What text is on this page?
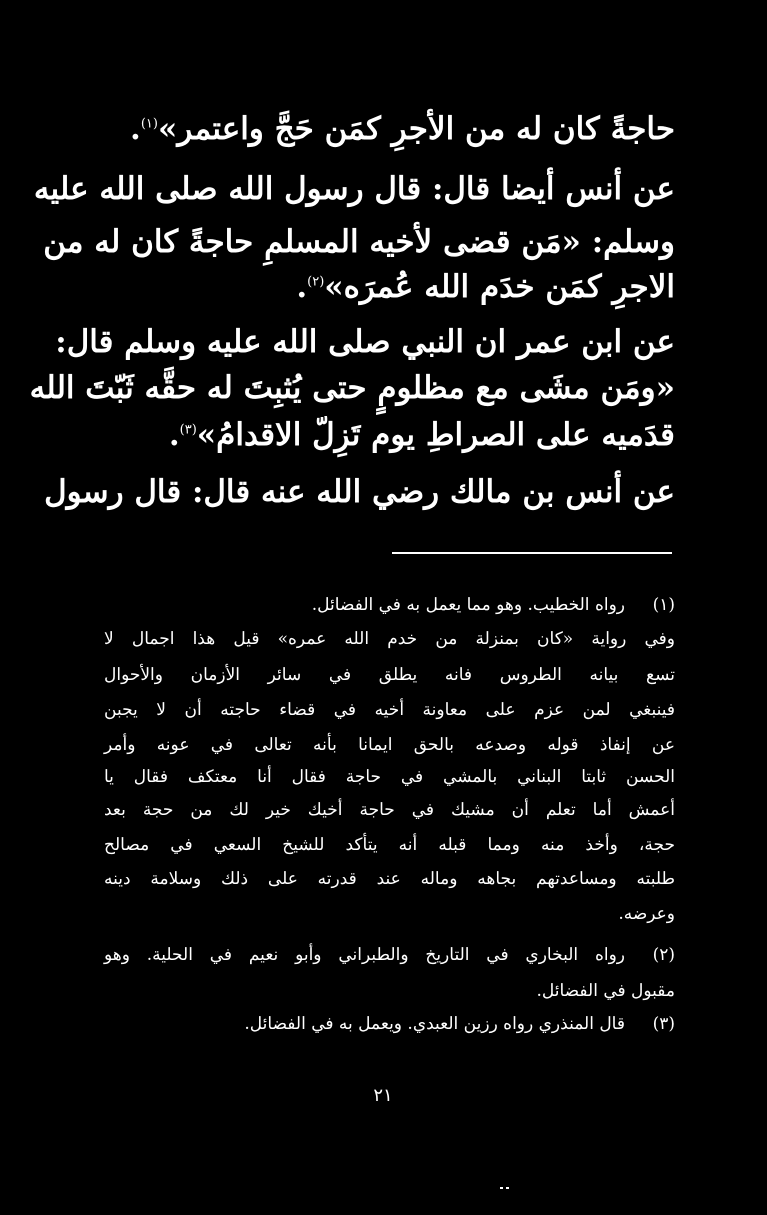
حاجةً كان له من الأجرِ كمَن حَجَّ واعتمر»$^{(١)}$.
عن أنس أيضا قال: قال رسول الله صلى الله عليه
وسلم: «مَن قضى لأخيه المسلمِ حاجةً كان له من
الاجرِ كمَن خدَم الله عُمرَه»$^{(٢)}$.
عن ابن عمر ان النبي صلى الله عليه وسلم قال:
«ومَن مشَى مع مظلومٍ حتى يُثبِتَ له حقَّه ثَبّتَ الله
قدَميه على الصراطِ يوم تَزِلّ الاقدامُ»$^{(٣)}$.
عن أنس بن مالك رضي الله عنه قال: قال رسول
(١)
رواه الخطيب. وهو مما يعمل به في الفضائل.
وفي رواية «كان بمنزلة من خدم الله عمره» قيل هذا اجمال لا
تسع بيانه الطروس فانه يطلق في سائر الأزمان والأحوال
فينبغي لمن عزم على معاونة أخيه في قضاء حاجته أن لا يجبن
عن إنفاذ قوله وصدعه بالحق ايمانا بأنه تعالى في عونه وأمر
الحسن ثابتا البناني بالمشي في حاجة فقال أنا معتكف فقال يا
أعمش أما تعلم أن مشيك في حاجة أخيك خير لك من حجة بعد
حجة، وأخذ منه ومما قبله أنه يتأكد للشيخ السعي في مصالح
طلبته ومساعدتهم بجاهه وماله عند قدرته على ذلك وسلامة دينه
وعرضه.
(٢)
رواه البخاري في التاريخ والطبراني وأبو نعيم في الحلية. وهو
مقبول في الفضائل.
(٣)
قال المنذري رواه رزين العبدي. ويعمل به في الفضائل.
٢١
